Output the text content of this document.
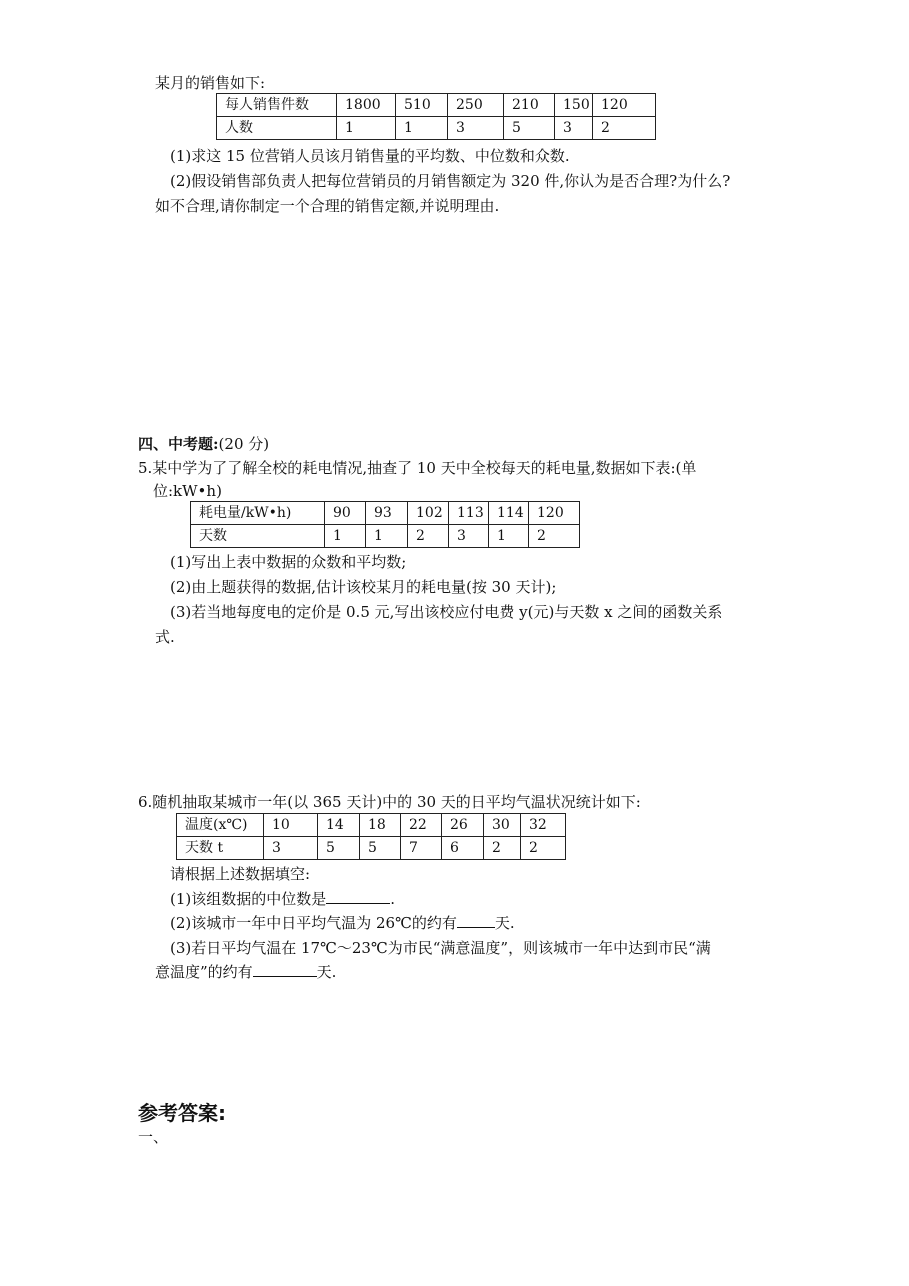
某月的销售如下:
每人销售件数	1800	510	250	210	150	120
人数	1	1	3	5	3	2
(1)求这 15 位营销人员该月销售量的平均数、中位数和众数.
(2)假设销售部负责人把每位营销员的月销售额定为 320 件,你认为是否合理?为什么?
如不合理,请你制定一个合理的销售定额,并说明理由.
四、中考题:(20 分)
5.某中学为了了解全校的耗电情况,抽查了 10 天中全校每天的耗电量,数据如下表:(单
位:kW•h)
耗电量/kW•h)	90	93	102	113	114	120
天数	1	1	2	3	1	2
(1)写出上表中数据的众数和平均数;
(2)由上题获得的数据,估计该校某月的耗电量(按 30 天计);
(3)若当地每度电的定价是 0.5 元,写出该校应付电费 y(元)与天数 x 之间的函数关系
式.
6.随机抽取某城市一年(以 365 天计)中的 30 天的日平均气温状况统计如下:
温度(x℃)	10	14	18	22	26	30	32
天数 t	3	5	5	7	6	2	2
请根据上述数据填空:
(1)该组数据的中位数是	.
(2)该城市一年中日平均气温为 26℃的约有	天.
(3)若日平均气温在 17℃～23℃为市民“满意温度”，则该城市一年中达到市民“满
意温度”的约有	天.
参考答案:
一、
